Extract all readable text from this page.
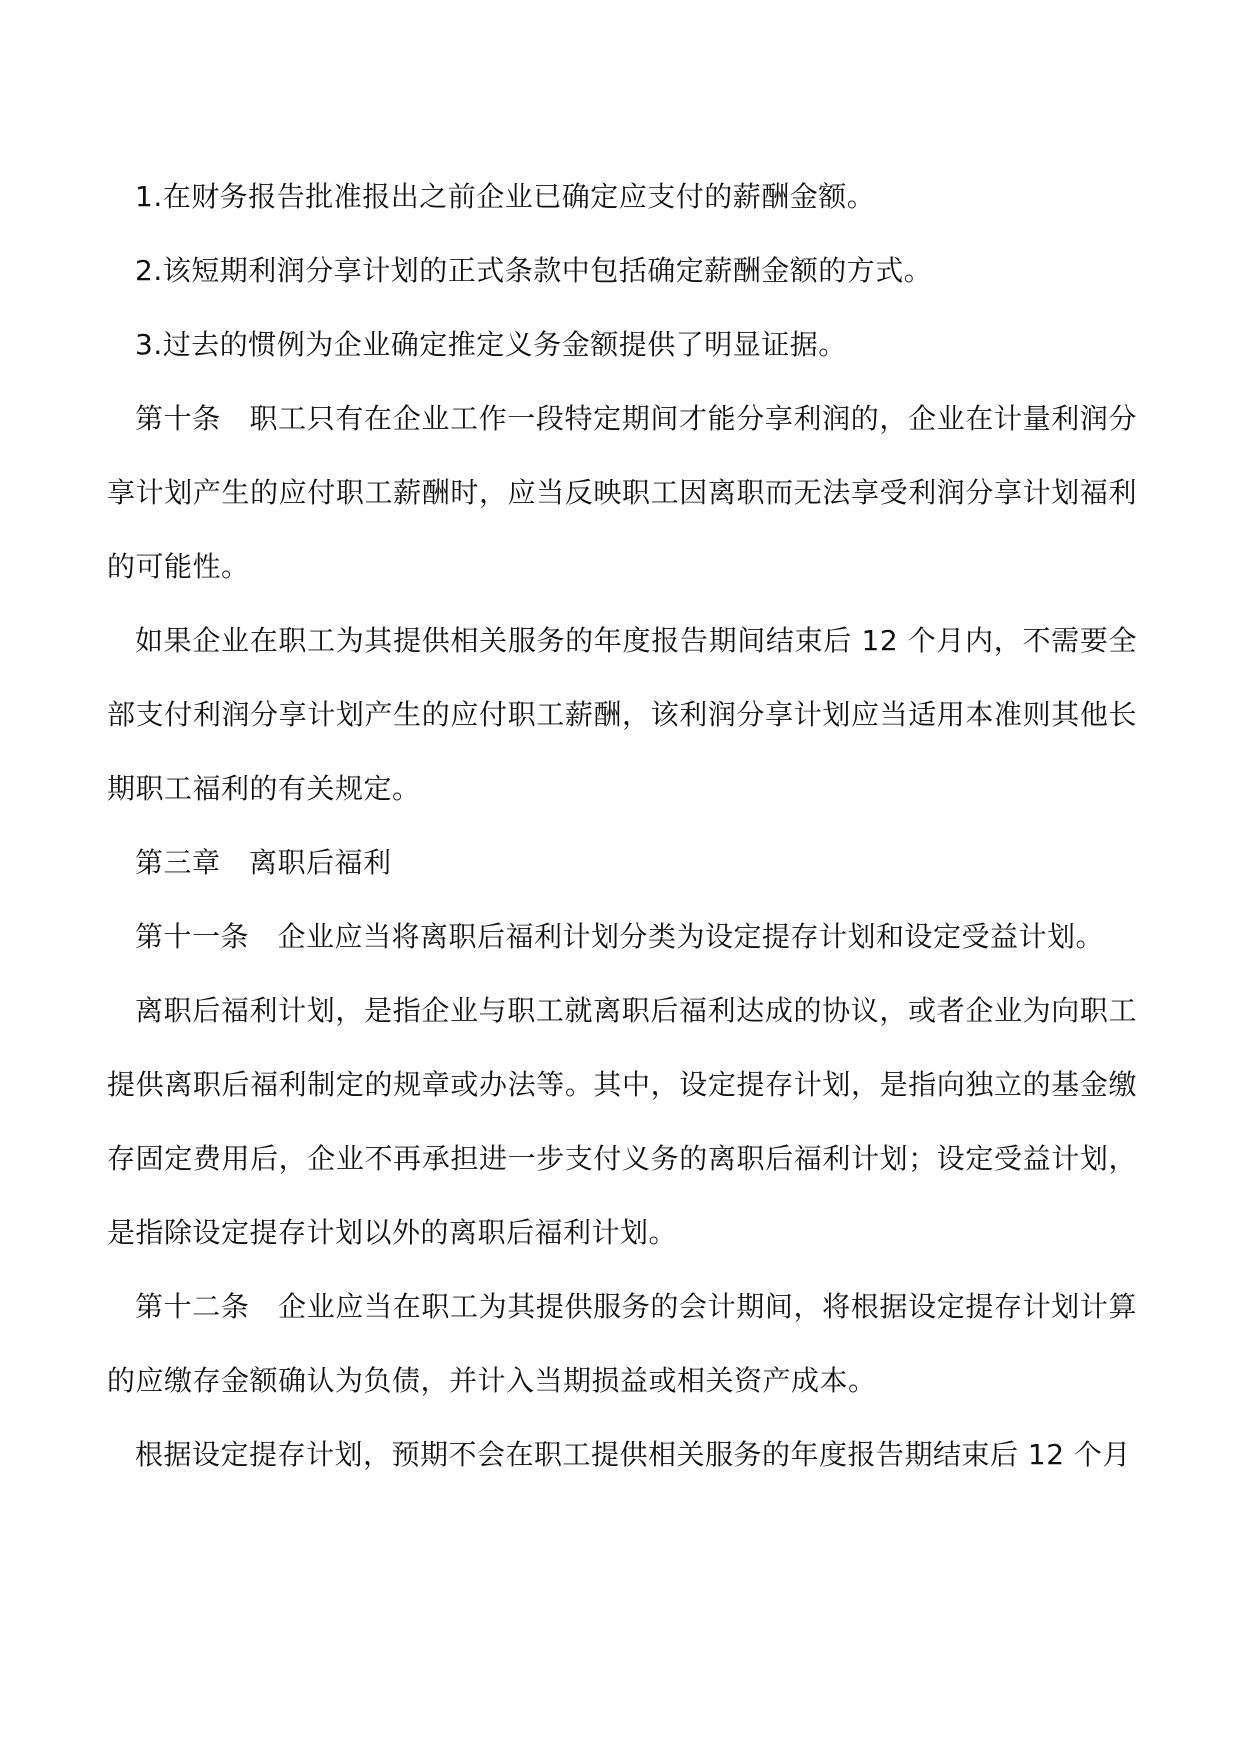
1.在财务报告批准报出之前企业已确定应支付的薪酬金额。

2.该短期利润分享计划的正式条款中包括确定薪酬金额的方式。

3.过去的惯例为企业确定推定义务金额提供了明显证据。

第十条　职工只有在企业工作一段特定期间才能分享利润的，企业在计量利润分享计划产生的应付职工薪酬时，应当反映职工因离职而无法享受利润分享计划福利的可能性。

如果企业在职工为其提供相关服务的年度报告期间结束后 12 个月内，不需要全部支付利润分享计划产生的应付职工薪酬，该利润分享计划应当适用本准则其他长期职工福利的有关规定。

第三章　离职后福利

第十一条　企业应当将离职后福利计划分类为设定提存计划和设定受益计划。

离职后福利计划，是指企业与职工就离职后福利达成的协议，或者企业为向职工提供离职后福利制定的规章或办法等。其中，设定提存计划，是指向独立的基金缴存固定费用后，企业不再承担进一步支付义务的离职后福利计划；设定受益计划，是指除设定提存计划以外的离职后福利计划。

第十二条　企业应当在职工为其提供服务的会计期间，将根据设定提存计划计算的应缴存金额确认为负债，并计入当期损益或相关资产成本。

根据设定提存计划，预期不会在职工提供相关服务的年度报告期结束后 12 个月
